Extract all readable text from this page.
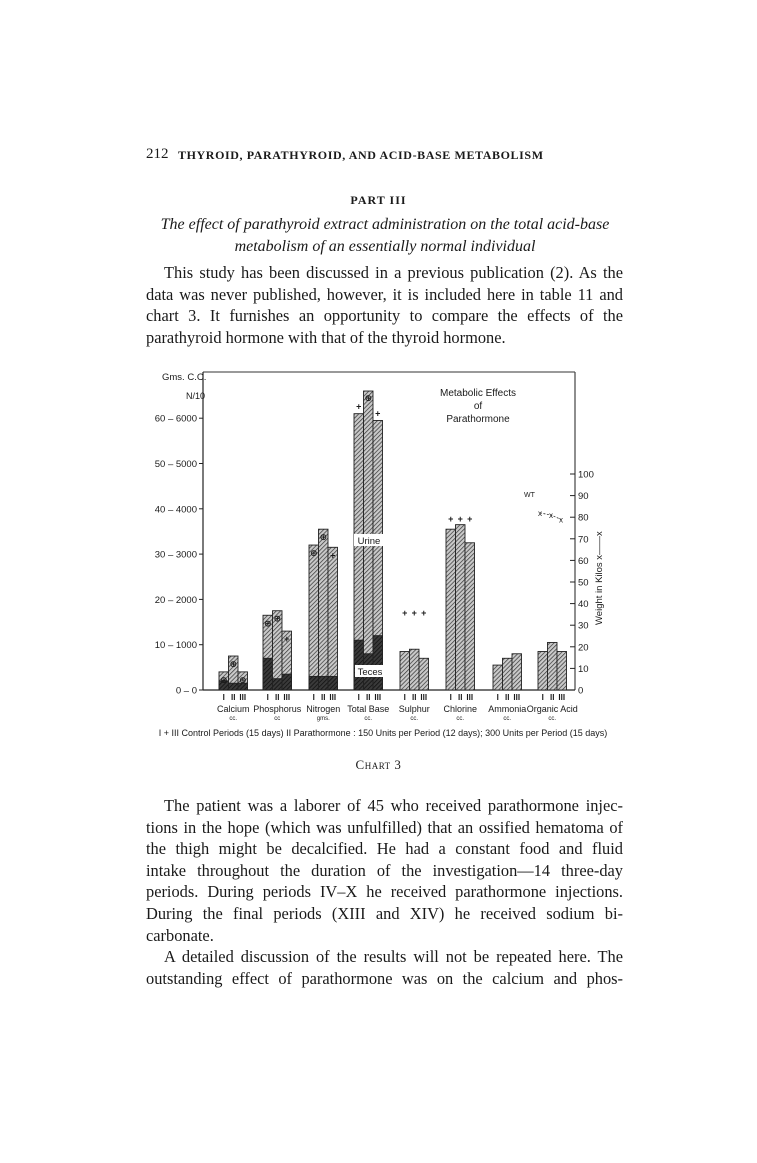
212 THYROID, PARATHYROID, AND ACID-BASE METABOLISM
PART III
The effect of parathyroid extract administration on the total acid-base
metabolism of an essentially normal individual
This study has been discussed in a previous publication (2). As the
data was never published, however, it is included here in table 11 and
chart 3. It furnishes an opportunity to compare the effects of the
parathyroid hormone with that of the thyroid hormone.
0 – 0
10 – 1000
20 – 2000
30 – 3000
40 – 4000
50 – 5000
60 – 6000
Gms. C.C.
N/10
0
10
20
30
40
50
60
70
80
90
100
Weight in Kilos x——x
Metabolic Effects
of
Parathormone
⊕
⊕
⊕
⊕ ⊕
+
⊕
⊕
+
+
⊕
+
+ + +
+ + +
I II III	I II III	I II III	I II III	I II III	I II III	I II III	I II III
Calcium
cc.
Phosphorus
cc
Nitrogen
gms.
Total Base
cc.
Sulphur
cc.
Chlorine
cc.
Ammonia
cc.
Organic Acid
cc.
Urine
Teces
x x x
WT
I + III Control Periods (15 days) II Parathormone : 150 Units per Period (12 days); 300 Units per Period (15 days)
Chart 3
The patient was a laborer of 45 who received parathormone injec-
tions in the hope (which was unfulfilled) that an ossified hematoma of
the thigh might be decalcified. He had a constant food and fluid
intake throughout the duration of the investigation—14 three-day
periods. During periods IV–X he received parathormone injections.
During the final periods (XIII and XIV) he received sodium bi-
carbonate.
A detailed discussion of the results will not be repeated here. The
outstanding effect of parathormone was on the calcium and phos-
